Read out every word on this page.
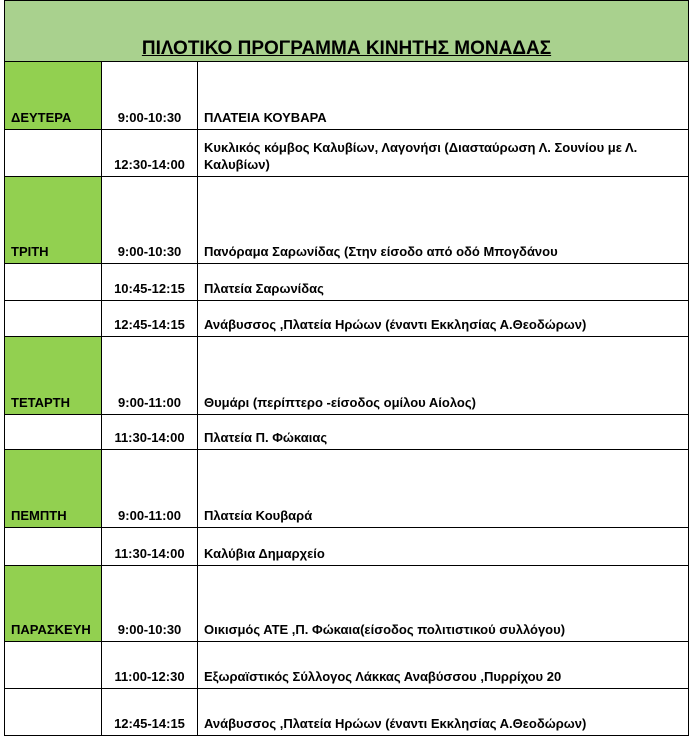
ΠΙΛΟΤΙΚΟ ΠΡΟΓΡΑΜΜΑ ΚΙΝΗΤΗΣ ΜΟΝΑΔΑΣ		
ΔΕΥΤΕΡΑ	9:00-10:30	ΠΛΑΤΕΙΑ ΚΟΥΒΑΡΑ
	12:30-14:00	Κυκλικός κόμβος Καλυβίων, Λαγονήσι (Διασταύρωση Λ. Σουνίου με Λ. Καλυβίων)
ΤΡΙΤΗ	9:00-10:30	Πανόραμα Σαρωνίδας (Στην είσοδο από οδό Μπογδάνου
	10:45-12:15	Πλατεία Σαρωνίδας
	12:45-14:15	Ανάβυσσος ,Πλατεία Ηρώων (έναντι Εκκλησίας Α.Θεοδώρων)
ΤΕΤΑΡΤΗ	9:00-11:00	Θυμάρι (περίπτερο -είσοδος ομίλου Αίολος)
	11:30-14:00	Πλατεία Π. Φώκαιας
ΠΕΜΠΤΗ	9:00-11:00	Πλατεία Κουβαρά
	11:30-14:00	Καλύβια Δημαρχείο
ΠΑΡΑΣΚΕΥΗ	9:00-10:30	Οικισμός ΑΤΕ ,Π. Φώκαια(είσοδος πολιτιστικού συλλόγου)
	11:00-12:30	Εξωραϊστικός Σύλλογος Λάκκας Αναβύσσου ,Πυρρίχου 20
	12:45-14:15	Ανάβυσσος ,Πλατεία Ηρώων (έναντι Εκκλησίας Α.Θεοδώρων)
